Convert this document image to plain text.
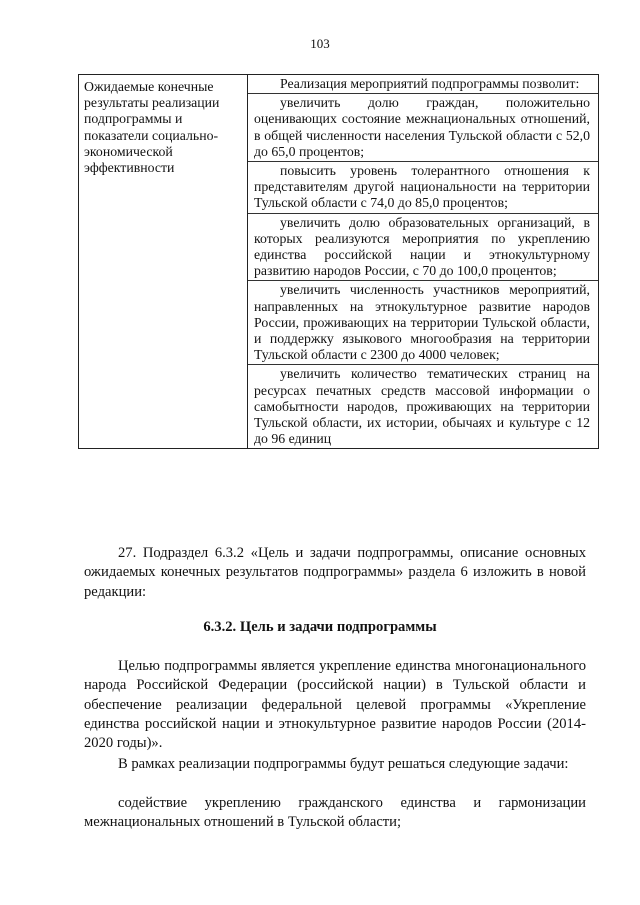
103
Ожидаемые конечные результаты реализации подпрограммы и показатели социально-экономической эффективности	
Реализация мероприятий подпрограммы позволит:
увеличить долю граждан, положительно оценивающих состояние межнациональных отношений, в общей численности населения Тульской области с 52,0 до 65,0 процентов;
повысить уровень толерантного отношения к представителям другой национальности на территории Тульской области с 74,0 до 85,0 процентов;
увеличить долю образовательных организаций, в которых реализуются мероприятия по укреплению единства российской нации и этнокультурному развитию народов России, с 70 до 100,0 процентов;
увеличить численность участников мероприятий, направленных на этнокультурное развитие народов России, проживающих на территории Тульской области, и поддержку языкового многообразия на территории Тульской области с 2300 до 4000 человек;
увеличить количество тематических страниц на ресурсах печатных средств массовой информации о самобытности народов, проживающих на территории Тульской области, их истории, обычаях и культуре с 12 до 96 единиц
27. Подраздел 6.3.2 «Цель и задачи подпрограммы, описание основных ожидаемых конечных результатов подпрограммы» раздела 6 изложить в новой редакции:
6.3.2. Цель и задачи подпрограммы
Целью подпрограммы является укрепление единства многонационального народа Российской Федерации (российской нации) в Тульской области и обеспечение реализации федеральной целевой программы «Укрепление единства российской нации и этнокультурное развитие народов России (2014-2020 годы)».
В рамках реализации подпрограммы будут решаться следующие задачи:
содействие укреплению гражданского единства и гармонизации межнациональных отношений в Тульской области;
